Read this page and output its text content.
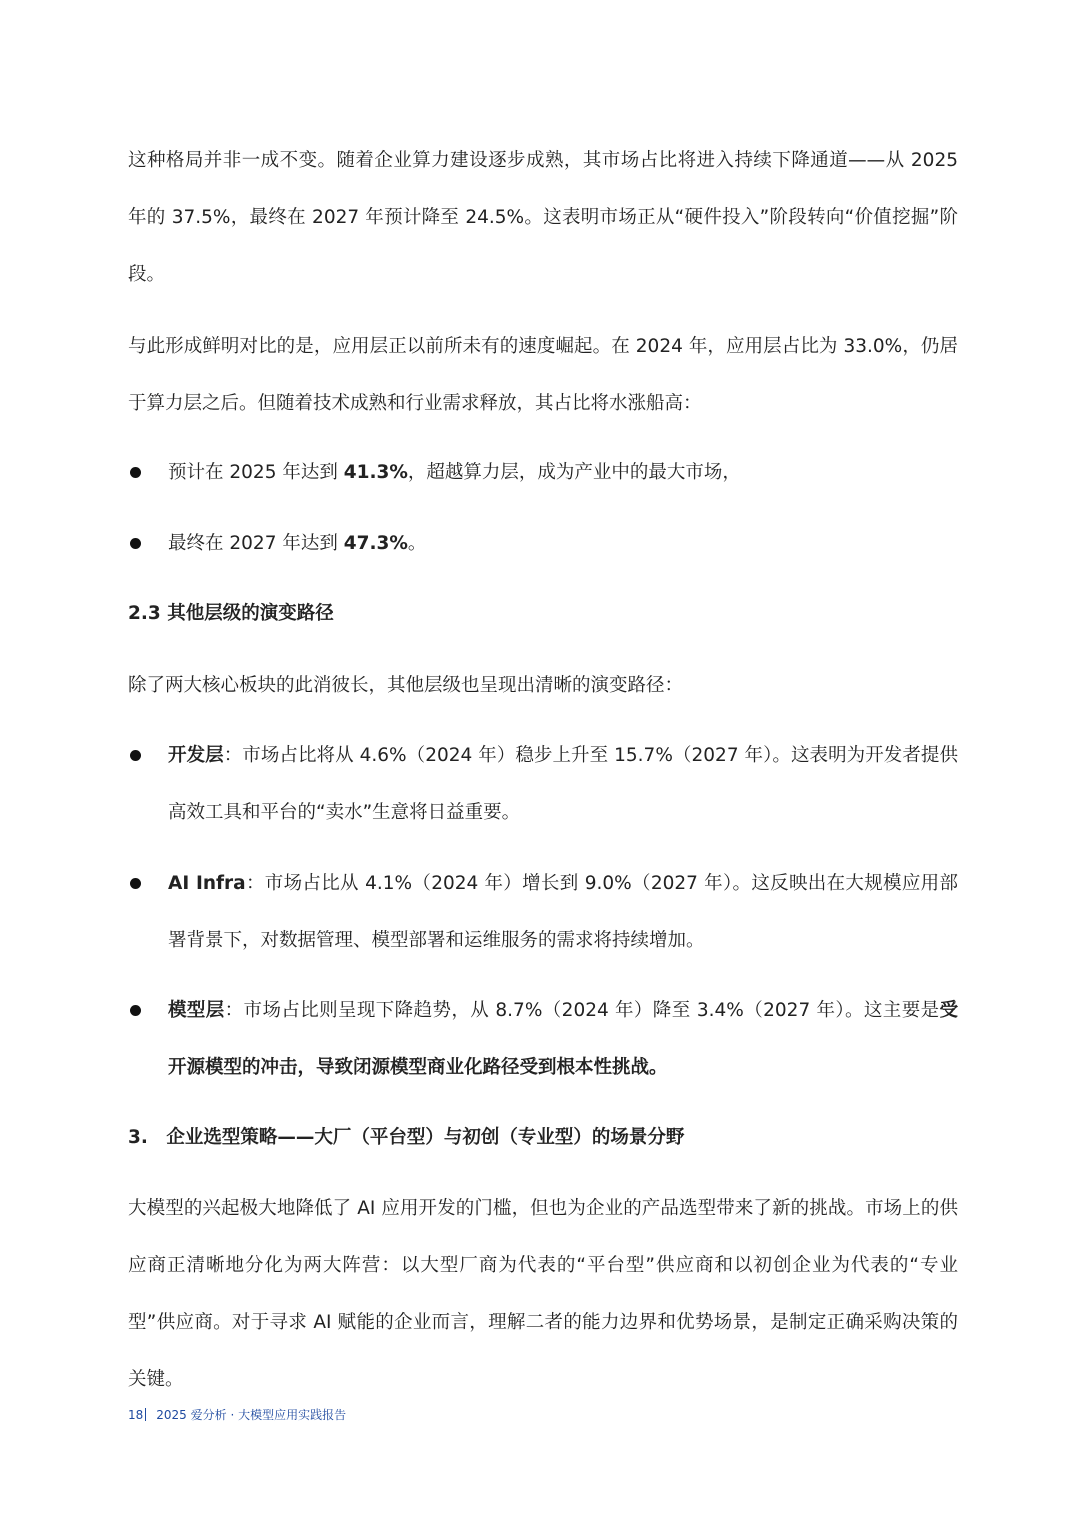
这种格局并非一成不变。随着企业算力建设逐步成熟，其市场占比将进入持续下降通道——从 2025 年的 37.5%，最终在 2027 年预计降至 24.5%。这表明市场正从“硬件投入”阶段转向“价值挖掘”阶段。

与此形成鲜明对比的是，应用层正以前所未有的速度崛起。在 2024 年，应用层占比为 33.0%，仍居于算力层之后。但随着技术成熟和行业需求释放，其占比将水涨船高：

预计在 2025 年达到 41.3%，超越算力层，成为产业中的最大市场，

最终在 2027 年达到 47.3%。

2.3 其他层级的演变路径

除了两大核心板块的此消彼长，其他层级也呈现出清晰的演变路径：

开发层：市场占比将从 4.6%（2024 年）稳步上升至 15.7%（2027 年）。这表明为开发者提供高效工具和平台的“卖水”生意将日益重要。

AI Infra：市场占比从 4.1%（2024 年）增长到 9.0%（2027 年）。这反映出在大规模应用部署背景下，对数据管理、模型部署和运维服务的需求将持续增加。

模型层：市场占比则呈现下降趋势，从 8.7%（2024 年）降至 3.4%（2027 年）。这主要是受开源模型的冲击，导致闭源模型商业化路径受到根本性挑战。

3.　企业选型策略——大厂（平台型）与初创（专业型）的场景分野

大模型的兴起极大地降低了 AI 应用开发的门槛，但也为企业的产品选型带来了新的挑战。市场上的供应商正清晰地分化为两大阵营：以大型厂商为代表的“平台型”供应商和以初创企业为代表的“专业型”供应商。对于寻求 AI 赋能的企业而言，理解二者的能力边界和优势场景，是制定正确采购决策的关键。

18 2025 爱分析 · 大模型应用实践报告
